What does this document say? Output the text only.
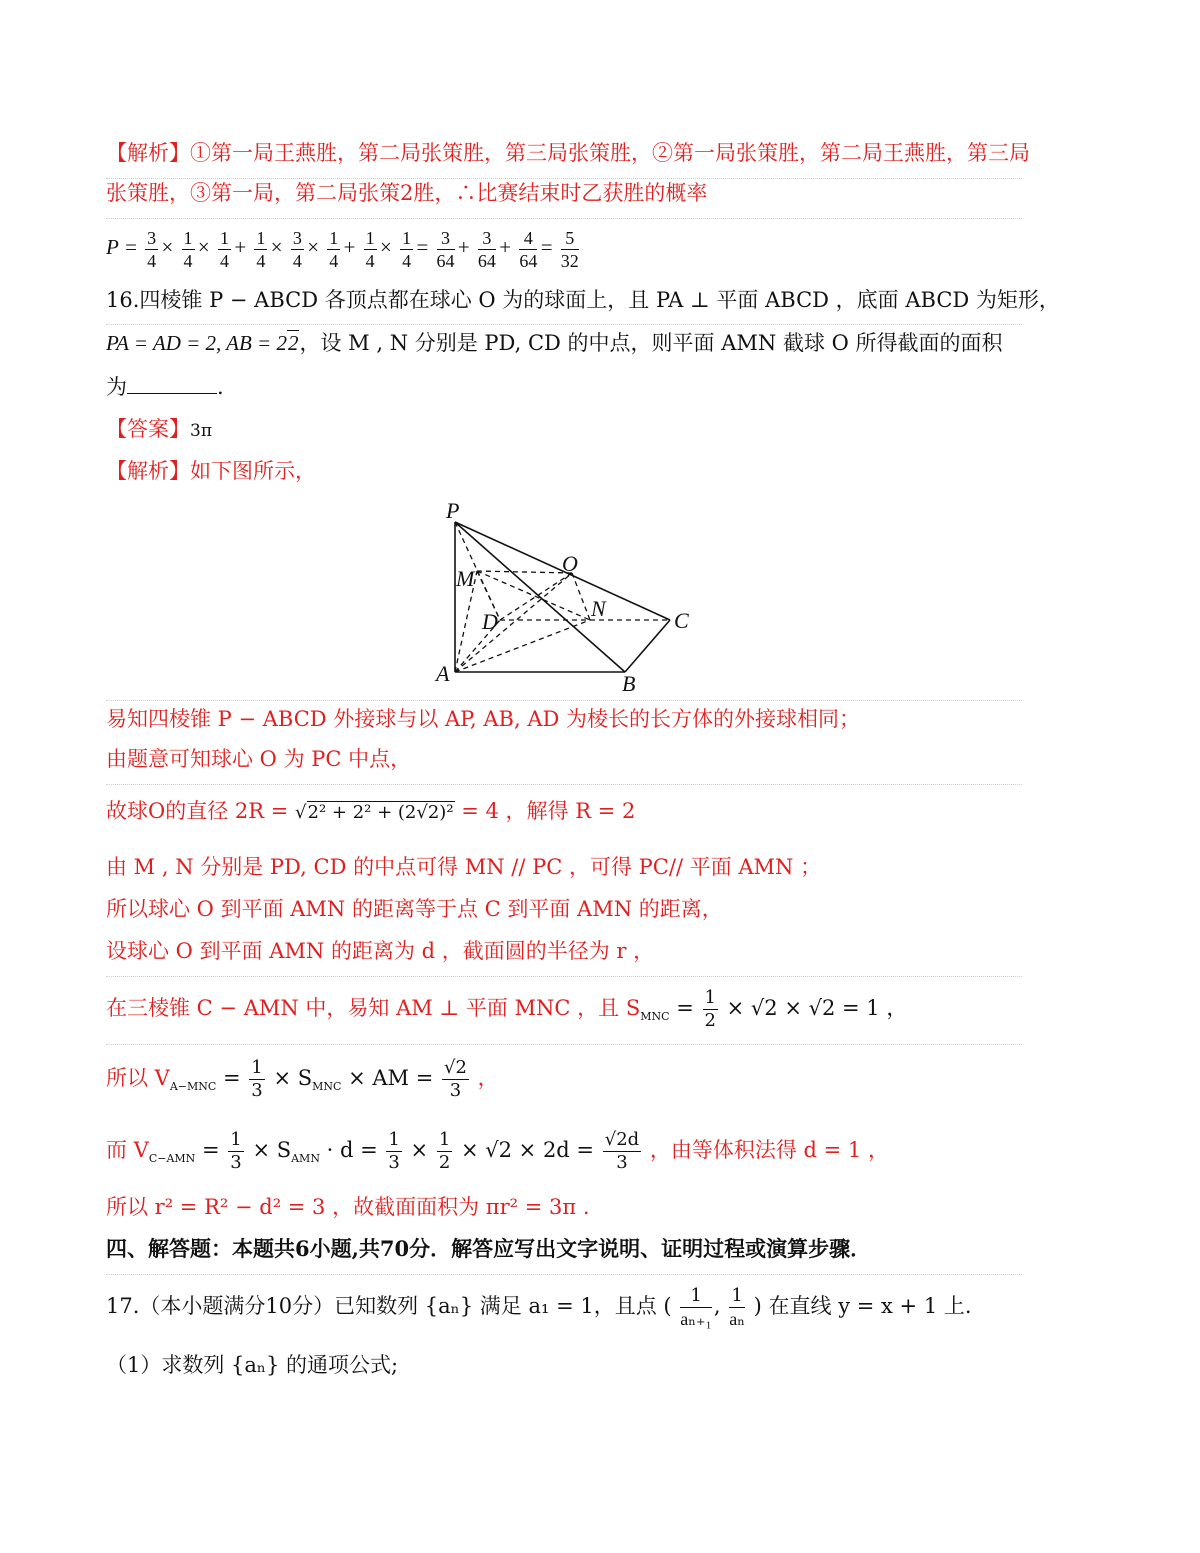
【解析】①第一局王燕胜，第二局张策胜，第三局张策胜，②第一局张策胜，第二局王燕胜，第三局
张策胜，③第一局，第二局张策2胜，∴比赛结束时乙获胜的概率
$P = \frac{3}{4} \times \frac{1}{4} \times \frac{1}{4} + \frac{1}{4} \times \frac{3}{4} \times \frac{1}{4} + \frac{1}{4} \times \frac{1}{4} = \frac{3}{64} + \frac{3}{64} + \frac{4}{64} = \frac{5}{32}$
16.四棱锥 P − ABCD 各顶点都在球心 O 为的球面上，且 PA ⊥ 平面 ABCD ，底面 ABCD 为矩形，
PA = AD = 2, AB = 22，设 M , N 分别是 PD, CD 的中点，则平面 AMN 截球 O 所得截面的面积
为	.
【答案】3π
【解析】如下图所示，
P
O
M
N
D	C
A	B
易知四棱锥 P − ABCD 外接球与以 AP, AB, AD 为棱长的长方体的外接球相同；
由题意可知球心 O 为 PC 中点，
故球O的直径 2R = √2² + 2² + (2√2)² = 4 ，解得 R = 2
由 M , N 分别是 PD, CD 的中点可得 MN // PC ，可得 PC// 平面 AMN ；
所以球心 O 到平面 AMN 的距离等于点 C 到平面 AMN 的距离，
设球心 O 到平面 AMN 的距离为 d ，截面圆的半径为 r ，
在三棱锥 C − AMN 中，易知 AM ⊥ 平面 MNC ，且 $S_{MNC} = \frac{1}{2} \times √2 \times √2 = 1$ ，
所以 $V_{A-MNC} = \frac{1}{3} \times S_{MNC}$ × AM = $\frac{√2}{3}$ ，
而 $V_{C-AMN} = \frac{1}{3} \times S_{AMN} \cdot d = \frac{1}{3} \times \frac{1}{2} \times √2 \times 2d = \frac{√2d}{3}$ ，由等体积法得 d = 1 ，
所以 r² = R² − d² = 3 ，故截面面积为 πr² = 3π .
四、解答题：本题共6小题,共70分．解答应写出文字说明、证明过程或演算步骤．
17.（本小题满分10分）已知数列 {aₙ} 满足 a₁ = 1，且点 ( $\frac{1}{\text{aₙ₊₁}}$ , $\frac{1}{\text{aₙ}}$ ) 在直线 y = x + 1 上.
（1）求数列 {aₙ} 的通项公式;
